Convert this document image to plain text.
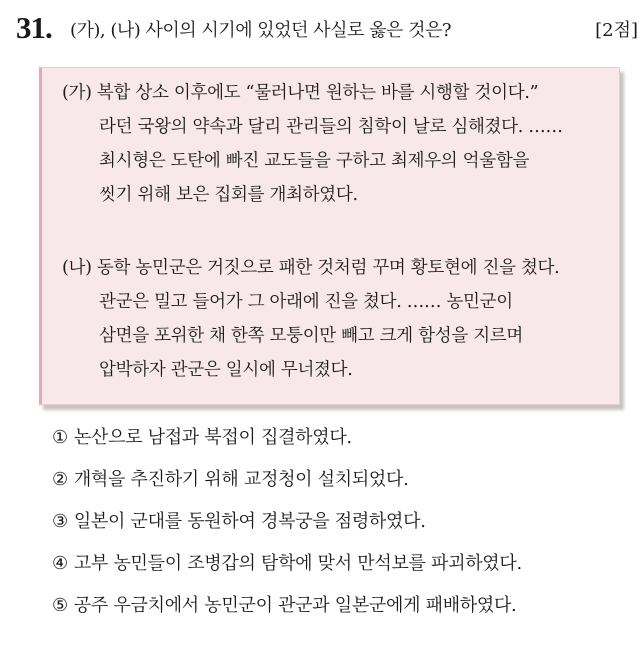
31. (가), (나) 사이의 시기에 있었던 사실로 옳은 것은?	[2점]
(가) 복합 상소 이후에도 “물러나면 원하는 바를 시행할 것이다.”
라던 국왕의 약속과 달리 관리들의 침학이 날로 심해졌다. ……
최시형은 도탄에 빠진 교도들을 구하고 최제우의 억울함을
씻기 위해 보은 집회를 개최하였다.
(나) 동학 농민군은 거짓으로 패한 것처럼 꾸며 황토현에 진을 쳤다.
관군은 밀고 들어가 그 아래에 진을 쳤다. …… 농민군이
삼면을 포위한 채 한쪽 모퉁이만 빼고 크게 함성을 지르며
압박하자 관군은 일시에 무너졌다.
① 논산으로 남접과 북접이 집결하였다.
② 개혁을 추진하기 위해 교정청이 설치되었다.
③ 일본이 군대를 동원하여 경복궁을 점령하였다.
④ 고부 농민들이 조병갑의 탐학에 맞서 만석보를 파괴하였다.
⑤ 공주 우금치에서 농민군이 관군과 일본군에게 패배하였다.
